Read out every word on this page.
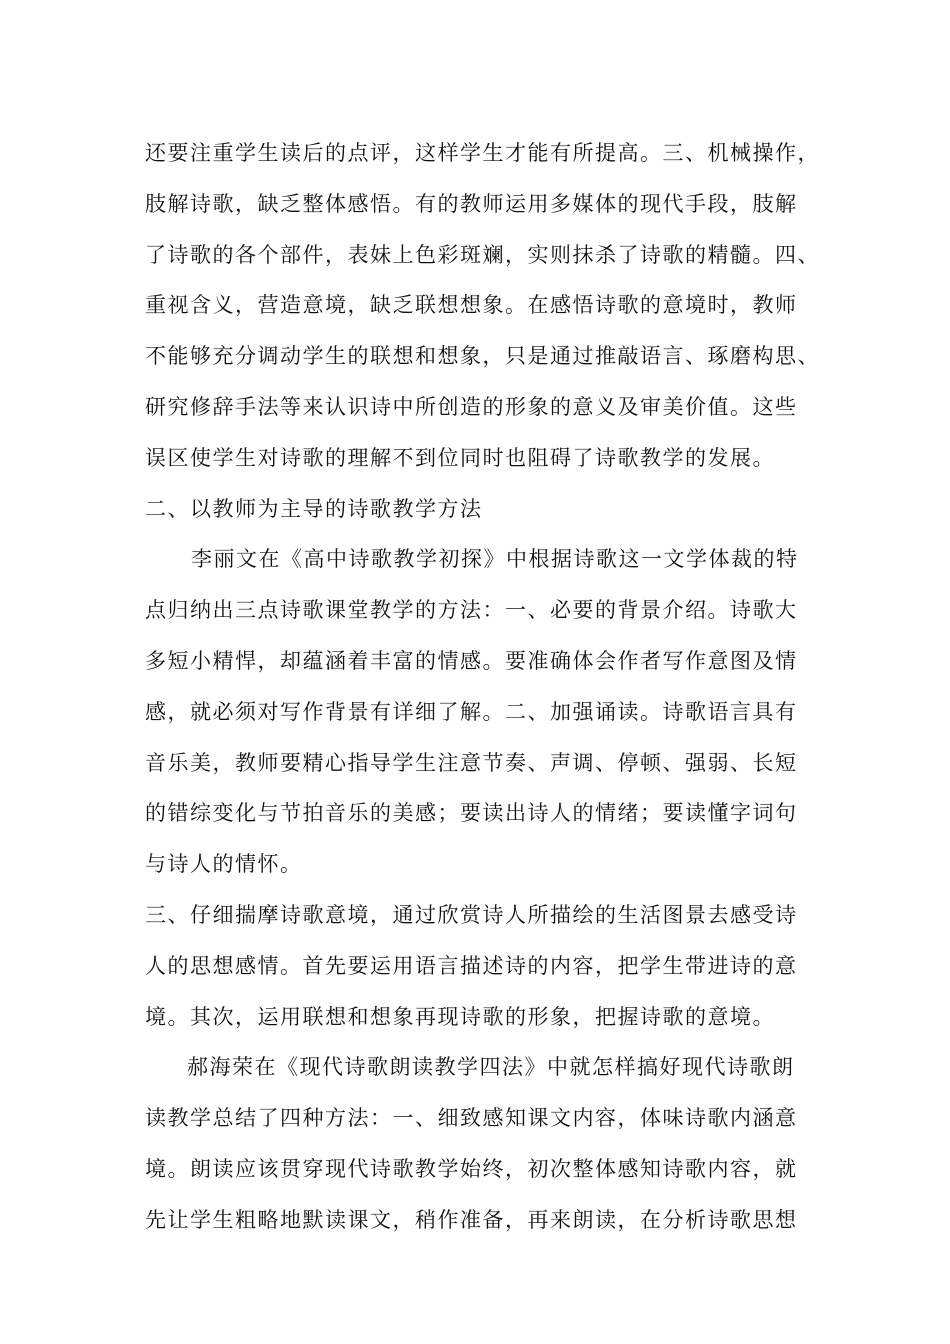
还要注重学生读后的点评，这样学生才能有所提高。三、机械操作，
肢解诗歌，缺乏整体感悟。有的教师运用多媒体的现代手段，肢解
了诗歌的各个部件，表妹上色彩斑斓，实则抹杀了诗歌的精髓。四、
重视含义，营造意境，缺乏联想想象。在感悟诗歌的意境时，教师
不能够充分调动学生的联想和想象，只是通过推敲语言、琢磨构思、
研究修辞手法等来认识诗中所创造的形象的意义及审美价值。这些
误区使学生对诗歌的理解不到位同时也阻碍了诗歌教学的发展。
二、以教师为主导的诗歌教学方法
李丽文在《高中诗歌教学初探》中根据诗歌这一文学体裁的特
点归纳出三点诗歌课堂教学的方法：一、必要的背景介绍。诗歌大
多短小精悍，却蕴涵着丰富的情感。要准确体会作者写作意图及情
感，就必须对写作背景有详细了解。二、加强诵读。诗歌语言具有
音乐美，教师要精心指导学生注意节奏、声调、停顿、强弱、长短
的错综变化与节拍音乐的美感；要读出诗人的情绪；要读懂字词句
与诗人的情怀。
三、仔细揣摩诗歌意境，通过欣赏诗人所描绘的生活图景去感受诗
人的思想感情。首先要运用语言描述诗的内容，把学生带进诗的意
境。其次，运用联想和想象再现诗歌的形象，把握诗歌的意境。
郝海荣在《现代诗歌朗读教学四法》中就怎样搞好现代诗歌朗
读教学总结了四种方法：一、细致感知课文内容，体味诗歌内涵意
境。朗读应该贯穿现代诗歌教学始终，初次整体感知诗歌内容，就
先让学生粗略地默读课文，稍作准备，再来朗读，在分析诗歌思想
